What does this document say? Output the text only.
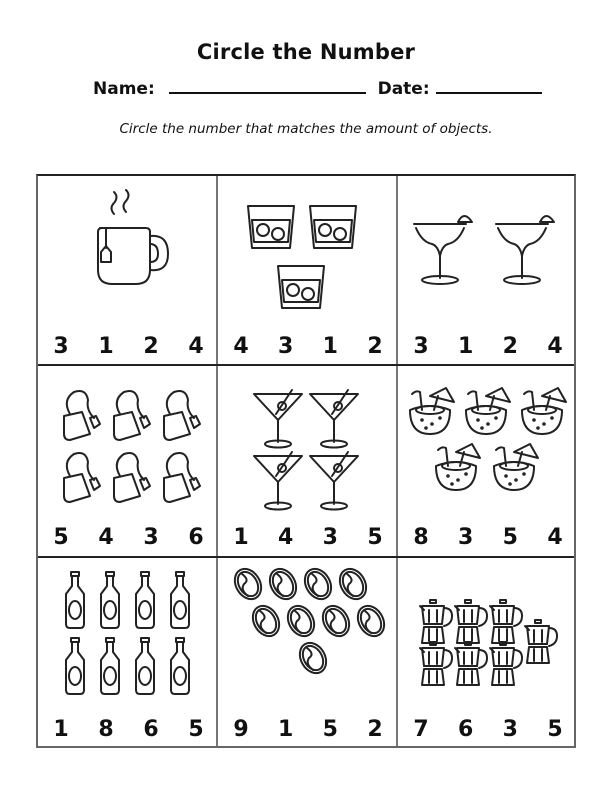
Circle the Number
Name:	Date:
Circle the number that matches the amount of objects.
3 1 2 4 4 3 1 2 3 1 2 4
5 4 3 6 1 4 3 5 8 3 5 4
1 8 6 5 9 1 5 2 7 6 3 5
